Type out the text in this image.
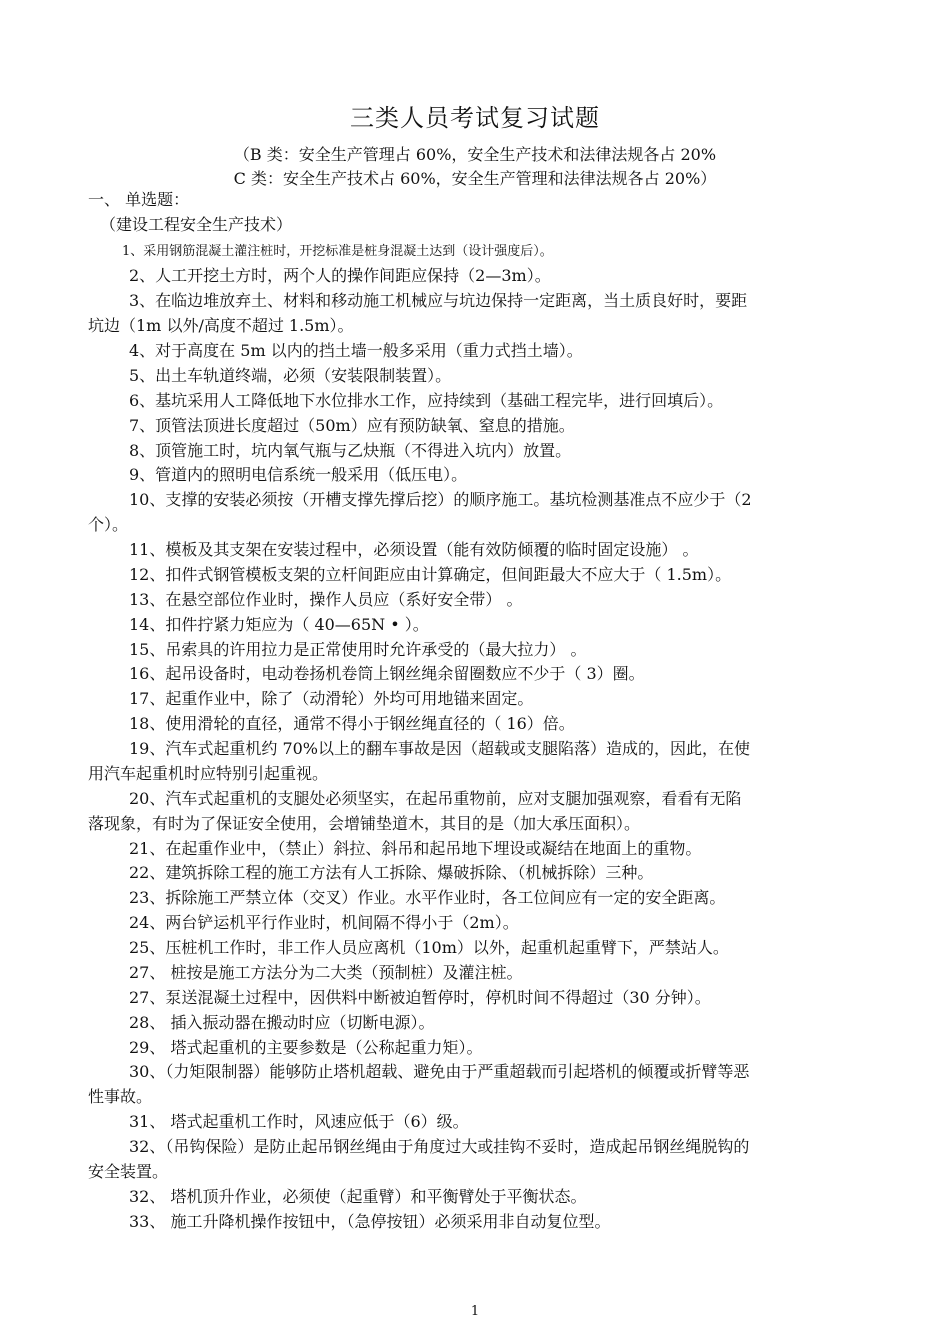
三类人员考试复习试题
（B 类：安全生产管理占 60%，安全生产技术和法律法规各占 20%
C 类：安全生产技术占 60%，安全生产管理和法律法规各占 20%）
一、 单选题：
（建设工程安全生产技术）
1、采用钢筋混凝土灌注桩时，开挖标准是桩身混凝土达到（设计强度后）。
2、人工开挖土方时，两个人的操作间距应保持（2—3m）。
3、在临边堆放弃土、材料和移动施工机械应与坑边保持一定距离，当土质良好时，要距
坑边（1m 以外/高度不超过 1.5m）。
4、对于高度在 5m 以内的挡土墙一般多采用（重力式挡土墙）。
5、出土车轨道终端，必须（安装限制装置）。
6、基坑采用人工降低地下水位排水工作，应持续到（基础工程完毕，进行回填后）。
7、顶管法顶进长度超过（50m）应有预防缺氧、窒息的措施。
8、顶管施工时，坑内氧气瓶与乙炔瓶（不得进入坑内）放置。
9、管道内的照明电信系统一般采用（低压电）。
10、支撑的安装必须按（开槽支撑先撑后挖）的顺序施工。基坑检测基准点不应少于（2
个）。
11、模板及其支架在安装过程中，必须设置（能有效防倾覆的临时固定设施） 。
12、扣件式钢管模板支架的立杆间距应由计算确定，但间距最大不应大于（ 1.5m）。
13、在悬空部位作业时，操作人员应（系好安全带） 。
14、扣件拧紧力矩应为（ 40—65N • ）。
15、吊索具的许用拉力是正常使用时允许承受的（最大拉力） 。
16、起吊设备时，电动卷扬机卷筒上钢丝绳余留圈数应不少于（ 3）圈。
17、起重作业中，除了（动滑轮）外均可用地锚来固定。
18、使用滑轮的直径，通常不得小于钢丝绳直径的（ 16）倍。
19、汽车式起重机约 70%以上的翻车事故是因（超载或支腿陷落）造成的，因此，在使
用汽车起重机时应特别引起重视。
20、汽车式起重机的支腿处必须坚实，在起吊重物前，应对支腿加强观察，看看有无陷
落现象，有时为了保证安全使用，会增铺垫道木，其目的是（加大承压面积）。
21、在起重作业中，（禁止）斜拉、斜吊和起吊地下埋设或凝结在地面上的重物。
22、建筑拆除工程的施工方法有人工拆除、爆破拆除、（机械拆除）三种。
23、拆除施工严禁立体（交叉）作业。水平作业时，各工位间应有一定的安全距离。
24、两台铲运机平行作业时，机间隔不得小于（2m）。
25、压桩机工作时，非工作人员应离机（10m）以外，起重机起重臂下，严禁站人。
27、 桩按是施工方法分为二大类（预制桩）及灌注桩。
27、泵送混凝土过程中，因供料中断被迫暂停时，停机时间不得超过（30 分钟）。
28、 插入振动器在搬动时应（切断电源）。
29、 塔式起重机的主要参数是（公称起重力矩）。
30、（力矩限制器）能够防止塔机超载、避免由于严重超载而引起塔机的倾覆或折臂等恶
性事故。
31、 塔式起重机工作时，风速应低于（6）级。
32、（吊钩保险）是防止起吊钢丝绳由于角度过大或挂钩不妥时，造成起吊钢丝绳脱钩的
安全装置。
32、 塔机顶升作业，必须使（起重臂）和平衡臂处于平衡状态。
33、 施工升降机操作按钮中，（急停按钮）必须采用非自动复位型。
1
